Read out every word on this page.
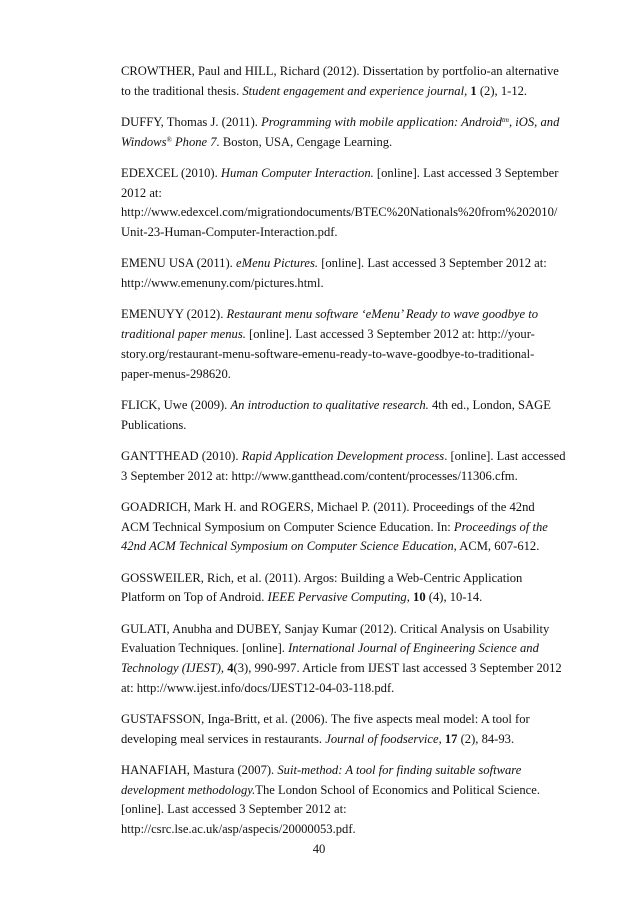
CROWTHER, Paul and HILL, Richard (2012). Dissertation by portfolio-an alternative
to the traditional thesis. Student engagement and experience journal, 1 (2), 1-12.
DUFFY, Thomas J. (2011). Programming with mobile application: Android$^{tm}$, iOS, and
Windows® Phone 7. Boston, USA, Cengage Learning.
EDEXCEL (2010). Human Computer Interaction. [online]. Last accessed 3 September
2012 at:
http://www.edexcel.com/migrationdocuments/BTEC%20Nationals%20from%202010/
Unit-23-Human-Computer-Interaction.pdf.
EMENU USA (2011). eMenu Pictures. [online]. Last accessed 3 September 2012 at:
http://www.emenuny.com/pictures.html.
EMENUYY (2012). Restaurant menu software ‘eMenu’ Ready to wave goodbye to
traditional paper menus. [online]. Last accessed 3 September 2012 at: http://your-
story.org/restaurant-menu-software-emenu-ready-to-wave-goodbye-to-traditional-
paper-menus-298620.
FLICK, Uwe (2009). An introduction to qualitative research. 4th ed., London, SAGE
Publications.
GANTTHEAD (2010). Rapid Application Development process. [online]. Last accessed
3 September 2012 at: http://www.gantthead.com/content/processes/11306.cfm.
GOADRICH, Mark H. and ROGERS, Michael P. (2011). Proceedings of the 42nd
ACM Technical Symposium on Computer Science Education. In: Proceedings of the
42nd ACM Technical Symposium on Computer Science Education, ACM, 607-612.
GOSSWEILER, Rich, et al. (2011). Argos: Building a Web-Centric Application
Platform on Top of Android. IEEE Pervasive Computing, 10 (4), 10-14.
GULATI, Anubha and DUBEY, Sanjay Kumar (2012). Critical Analysis on Usability
Evaluation Techniques. [online]. International Journal of Engineering Science and
Technology (IJEST), 4(3), 990-997. Article from IJEST last accessed 3 September 2012
at: http://www.ijest.info/docs/IJEST12-04-03-118.pdf.
GUSTAFSSON, Inga-Britt, et al. (2006). The five aspects meal model: A tool for
developing meal services in restaurants. Journal of foodservice, 17 (2), 84-93.
HANAFIAH, Mastura (2007). Suit-method: A tool for finding suitable software
development methodology.The London School of Economics and Political Science.
[online]. Last accessed 3 September 2012 at:
http://csrc.lse.ac.uk/asp/aspecis/20000053.pdf.
40
